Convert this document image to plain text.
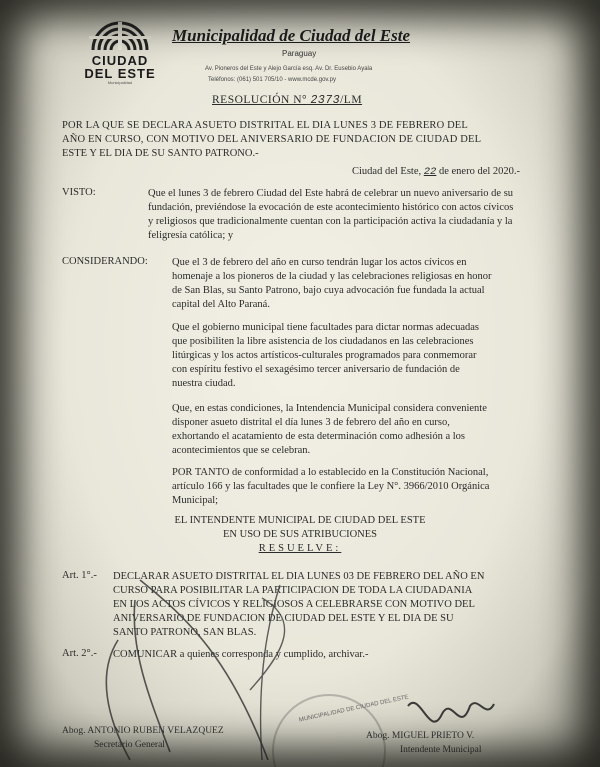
CIUDAD
DEL ESTE
Municipalidad
Municipalidad de Ciudad del Este
Paraguay
Av. Pioneros del Este y Alejo García esq. Av. Dr. Eusebio Ayala
Teléfonos: (061) 501 705/10 - www.mcde.gov.py
RESOLUCIÓN N° 2373/LM
POR LA QUE SE DECLARA ASUETO DISTRITAL EL DIA LUNES 3 DE FEBRERO DEL
AÑO EN CURSO, CON MOTIVO DEL ANIVERSARIO DE FUNDACION DE CIUDAD DEL
ESTE Y EL DIA DE SU SANTO PATRONO.-
Ciudad del Este, 22 de enero del 2020.-
VISTO:	Que el lunes 3 de febrero Ciudad del Este habrá de celebrar un nuevo aniversario de su
fundación, previéndose la evocación de este acontecimiento histórico con actos cívicos
y religiosos que tradicionalmente cuentan con la participación activa la ciudadanía y la
feligresía católica; y
CONSIDERANDO: Que el 3 de febrero del año en curso tendrán lugar los actos cívicos en
homenaje a los pioneros de la ciudad y las celebraciones religiosas en honor
de San Blas, su Santo Patrono, bajo cuya advocación fue fundada la actual
capital del Alto Paraná.
Que el gobierno municipal tiene facultades para dictar normas adecuadas
que posibiliten la libre asistencia de los ciudadanos en las celebraciones
litúrgicas y los actos artísticos-culturales programados para conmemorar
con espíritu festivo el sexagésimo tercer aniversario de fundación de
nuestra ciudad.
Que, en estas condiciones, la Intendencia Municipal considera conveniente
disponer asueto distrital el día lunes 3 de febrero del año en curso,
exhortando el acatamiento de esta determinación como adhesión a los
acontecimientos que se celebran.
POR TANTO de conformidad a lo establecido en la Constitución Nacional,
artículo 166 y las facultades que le confiere la Ley N°. 3966/2010 Orgánica
Municipal;
EL INTENDENTE MUNICIPAL DE CIUDAD DEL ESTE
EN USO DE SUS ATRIBUCIONES
RESUELVE:
Art. 1°.- DECLARAR ASUETO DISTRITAL EL DIA LUNES 03 DE FEBRERO DEL AÑO EN
CURSO PARA POSIBILITAR LA PARTICIPACION DE TODA LA CIUDADANIA
EN LOS ACTOS CÍVICOS Y RELIGIOSOS A CELEBRARSE CON MOTIVO DEL
ANIVERSARIO DE FUNDACION DE CIUDAD DEL ESTE Y EL DIA DE SU
SANTO PATRONO, SAN BLAS.
Art. 2°.- COMUNICAR a quienes corresponda y cumplido, archivar.-
MUNICIPALIDAD DE CIUDAD DEL ESTE
Abog. ANTONIO RUBEN VELAZQUEZ
Secretario General
Abog. MIGUEL PRIETO V.
Intendente Municipal
